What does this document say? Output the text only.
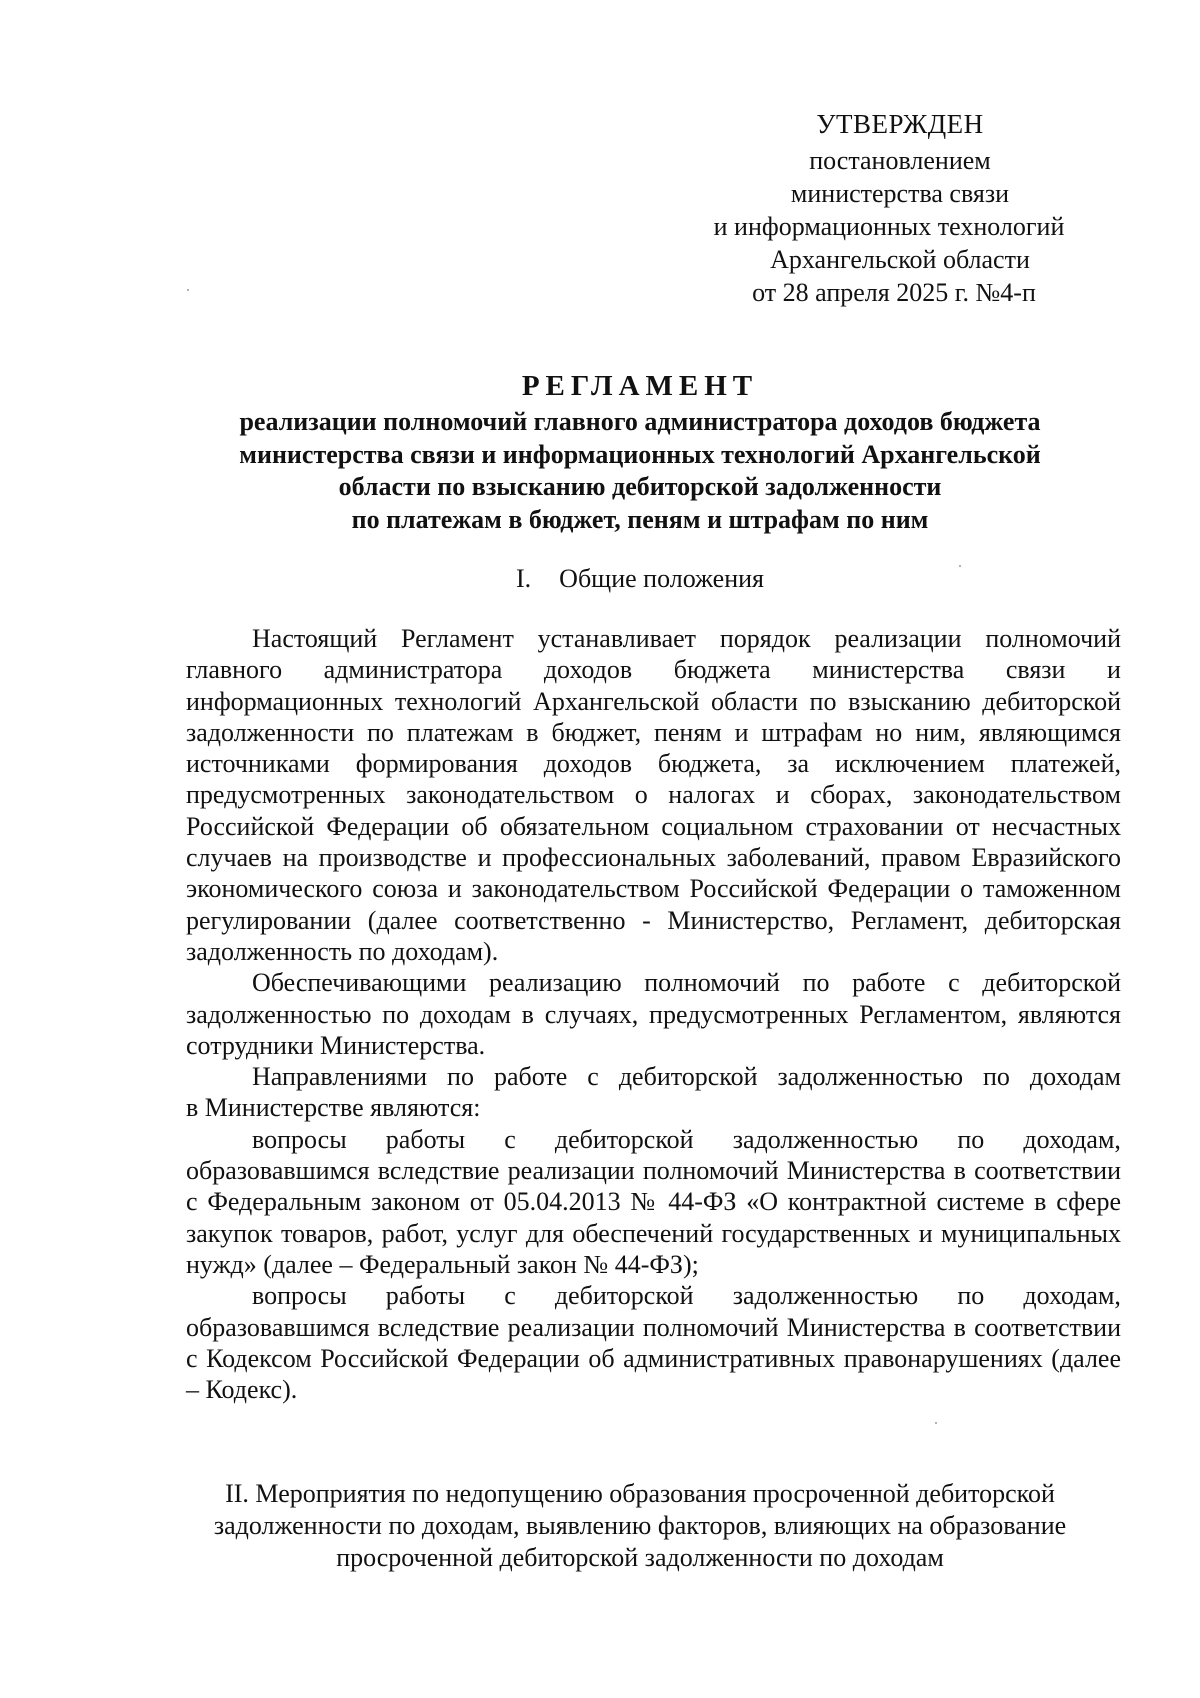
УТВЕРЖДЕН
постановлением
министерства связи
и информационных технологий
Архангельской области
от 28 апреля 2025 г. №4-п
РЕГЛАМЕНТ
реализации полномочий главного администратора доходов бюджета
министерства связи и информационных технологий Архангельской
области по взысканию дебиторской задолженности
по платежам в бюджет, пеням и штрафам по ним
I. Общие положения
Настоящий Регламент устанавливает порядок реализации полномочий
главного администратора доходов бюджета министерства связи и
информационных технологий Архангельской области по взысканию дебиторской
задолженности по платежам в бюджет, пеням и штрафам но ним, являющимся
источниками формирования доходов бюджета, за исключением платежей,
предусмотренных законодательством о налогах и сборах, законодательством
Российской Федерации об обязательном социальном страховании от несчастных
случаев на производстве и профессиональных заболеваний, правом Евразийского
экономического союза и законодательством Российской Федерации о таможенном
регулировании (далее соответственно - Министерство, Регламент, дебиторская
задолженность по доходам).
Обеспечивающими реализацию полномочий по работе с дебиторской
задолженностью по доходам в случаях, предусмотренных Регламентом, являются
сотрудники Министерства.
Направлениями по работе с дебиторской задолженностью по доходам
в Министерстве являются:
вопросы работы с дебиторской задолженностью по доходам,
образовавшимся вследствие реализации полномочий Министерства в соответствии
с Федеральным законом от 05.04.2013 № 44-ФЗ «О контрактной системе в сфере
закупок товаров, работ, услуг для обеспечений государственных и муниципальных
нужд» (далее – Федеральный закон № 44-ФЗ);
вопросы работы с дебиторской задолженностью по доходам,
образовавшимся вследствие реализации полномочий Министерства в соответствии
с Кодексом Российской Федерации об административных правонарушениях (далее
– Кодекс).
II. Мероприятия по недопущению образования просроченной дебиторской
задолженности по доходам, выявлению факторов, влияющих на образование
просроченной дебиторской задолженности по доходам
